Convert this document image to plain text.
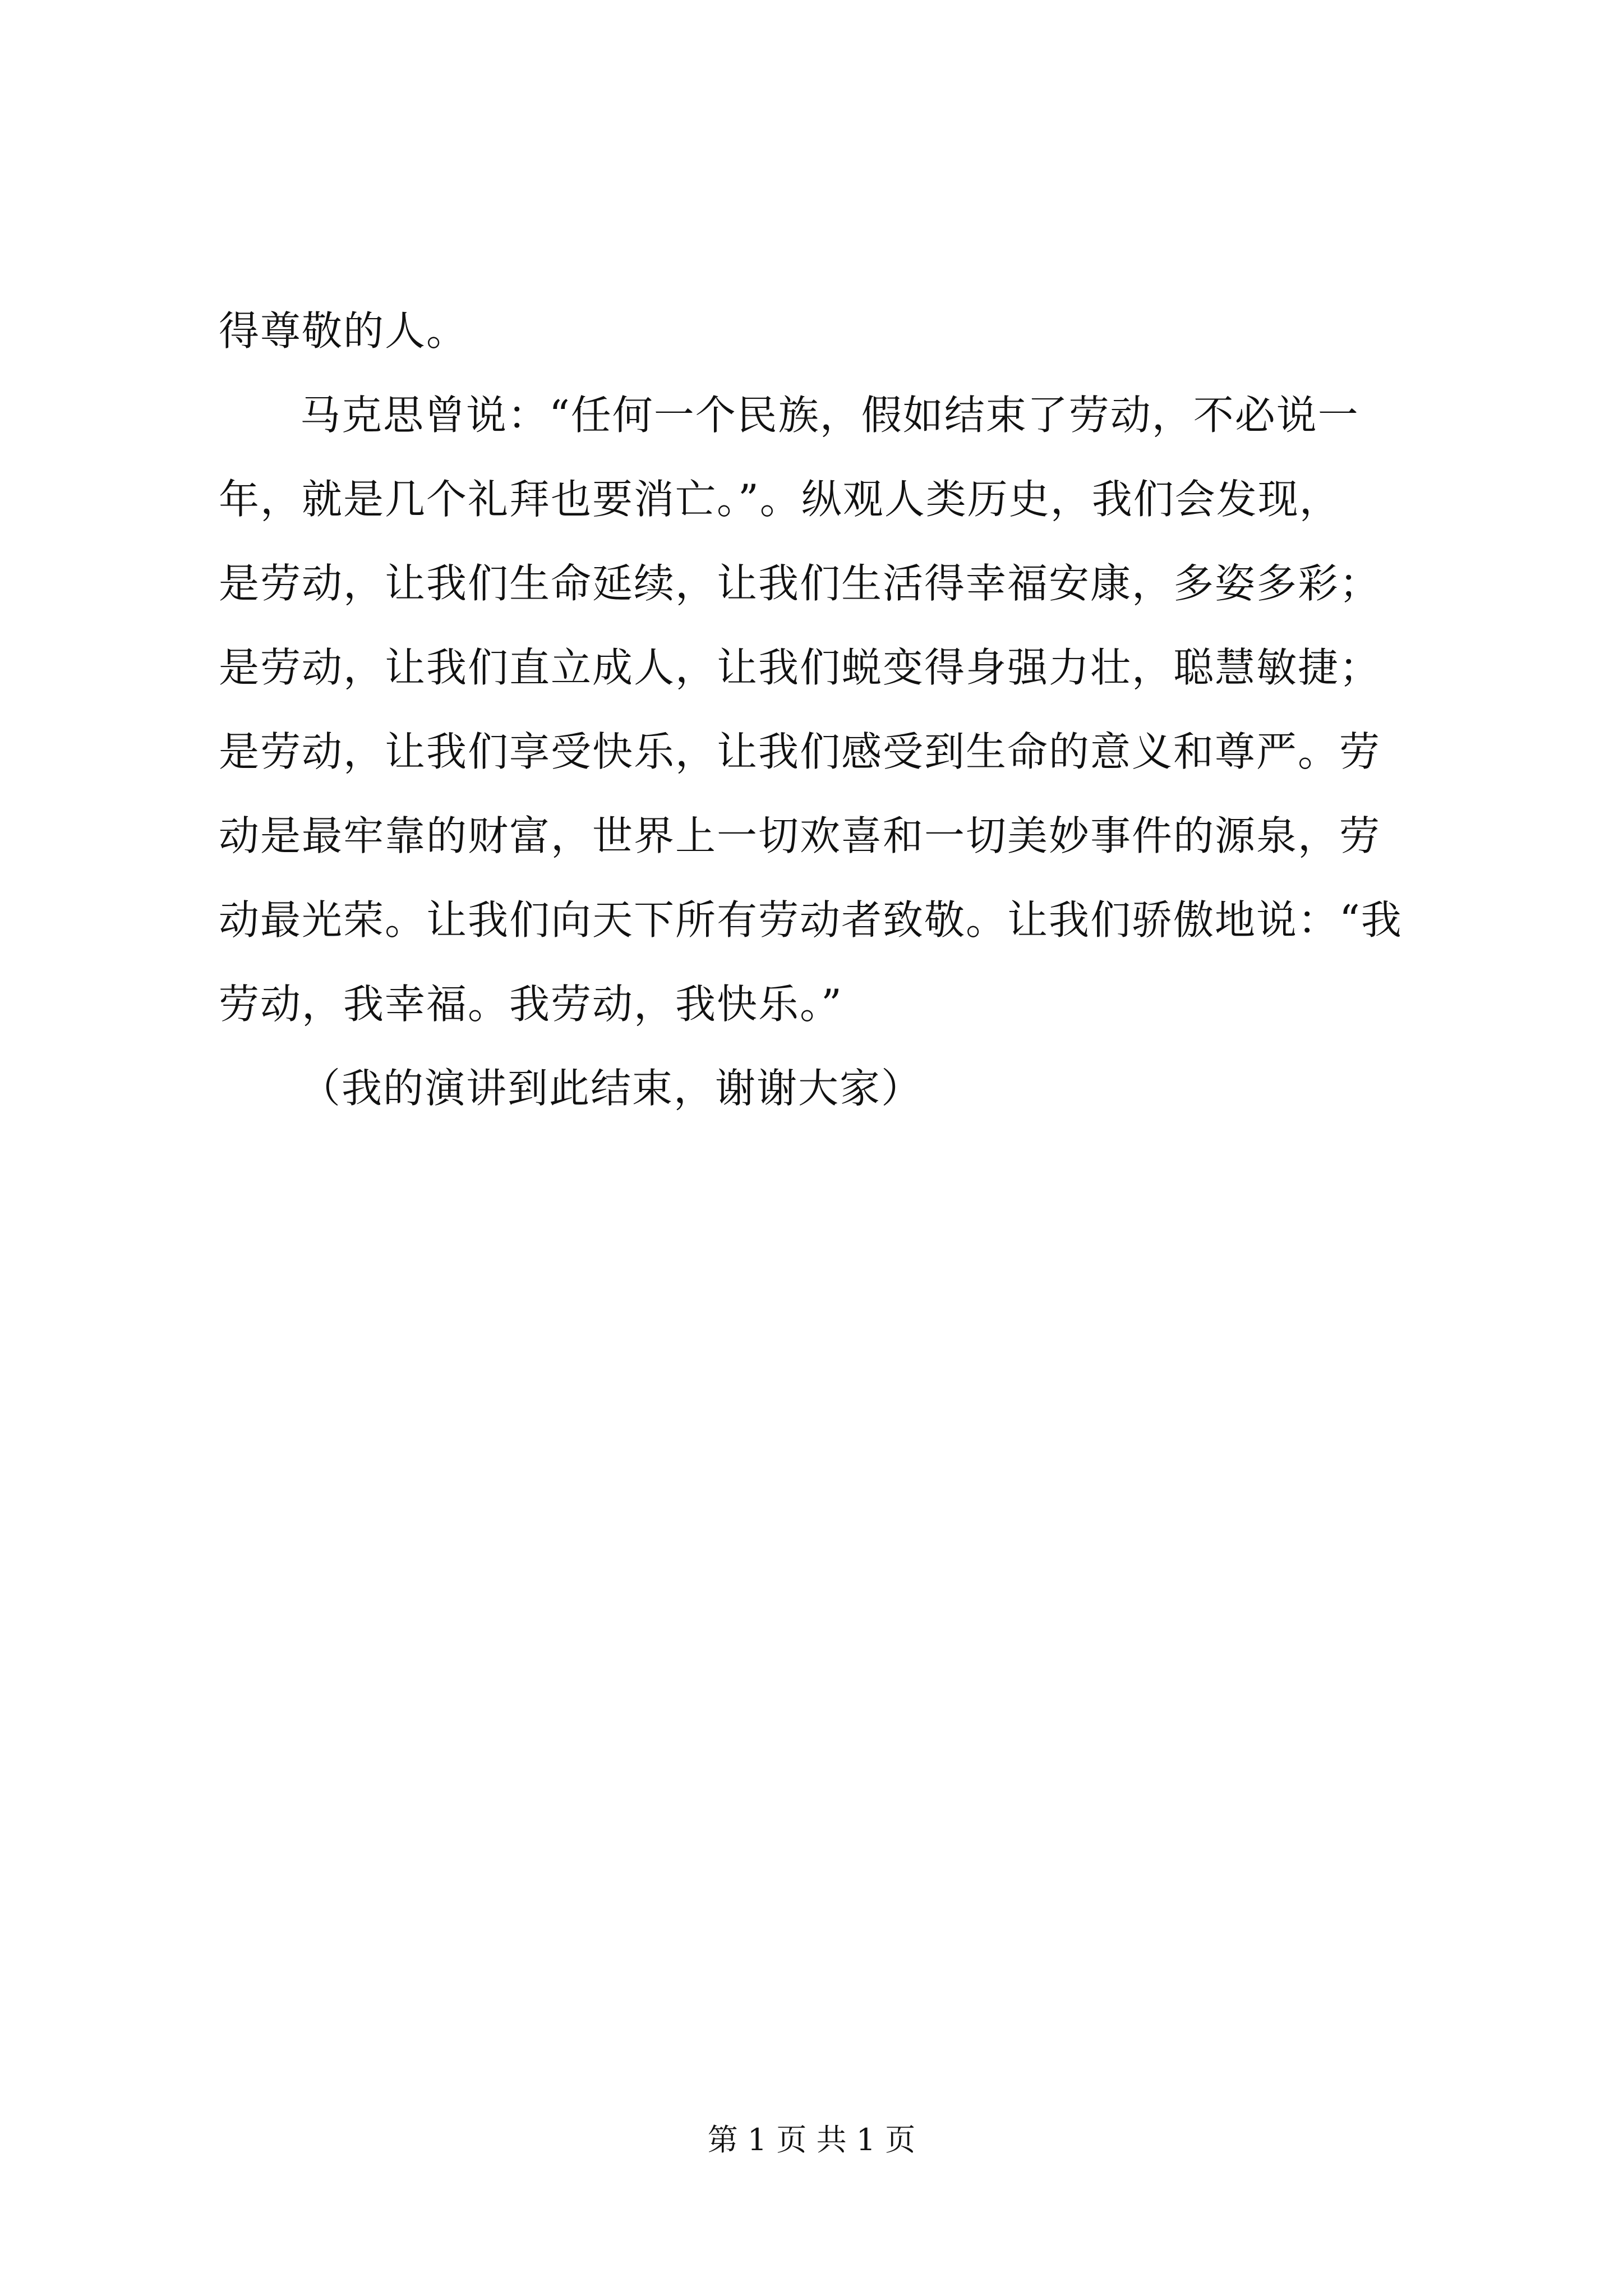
得尊敬的人。
马克思曾说：“任何一个民族，假如结束了劳动，不必说一
年，就是几个礼拜也要消亡。”。纵观人类历史，我们会发现，
是劳动，让我们生命延续，让我们生活得幸福安康，多姿多彩；
是劳动，让我们直立成人，让我们蜕变得身强力壮，聪慧敏捷；
是劳动，让我们享受快乐，让我们感受到生命的意义和尊严。劳
动是最牢靠的财富，世界上一切欢喜和一切美妙事件的源泉，劳
动最光荣。让我们向天下所有劳动者致敬。让我们骄傲地说：“我
劳动，我幸福。我劳动，我快乐。”
（我的演讲到此结束，谢谢大家）
第 1 页 共 1 页
